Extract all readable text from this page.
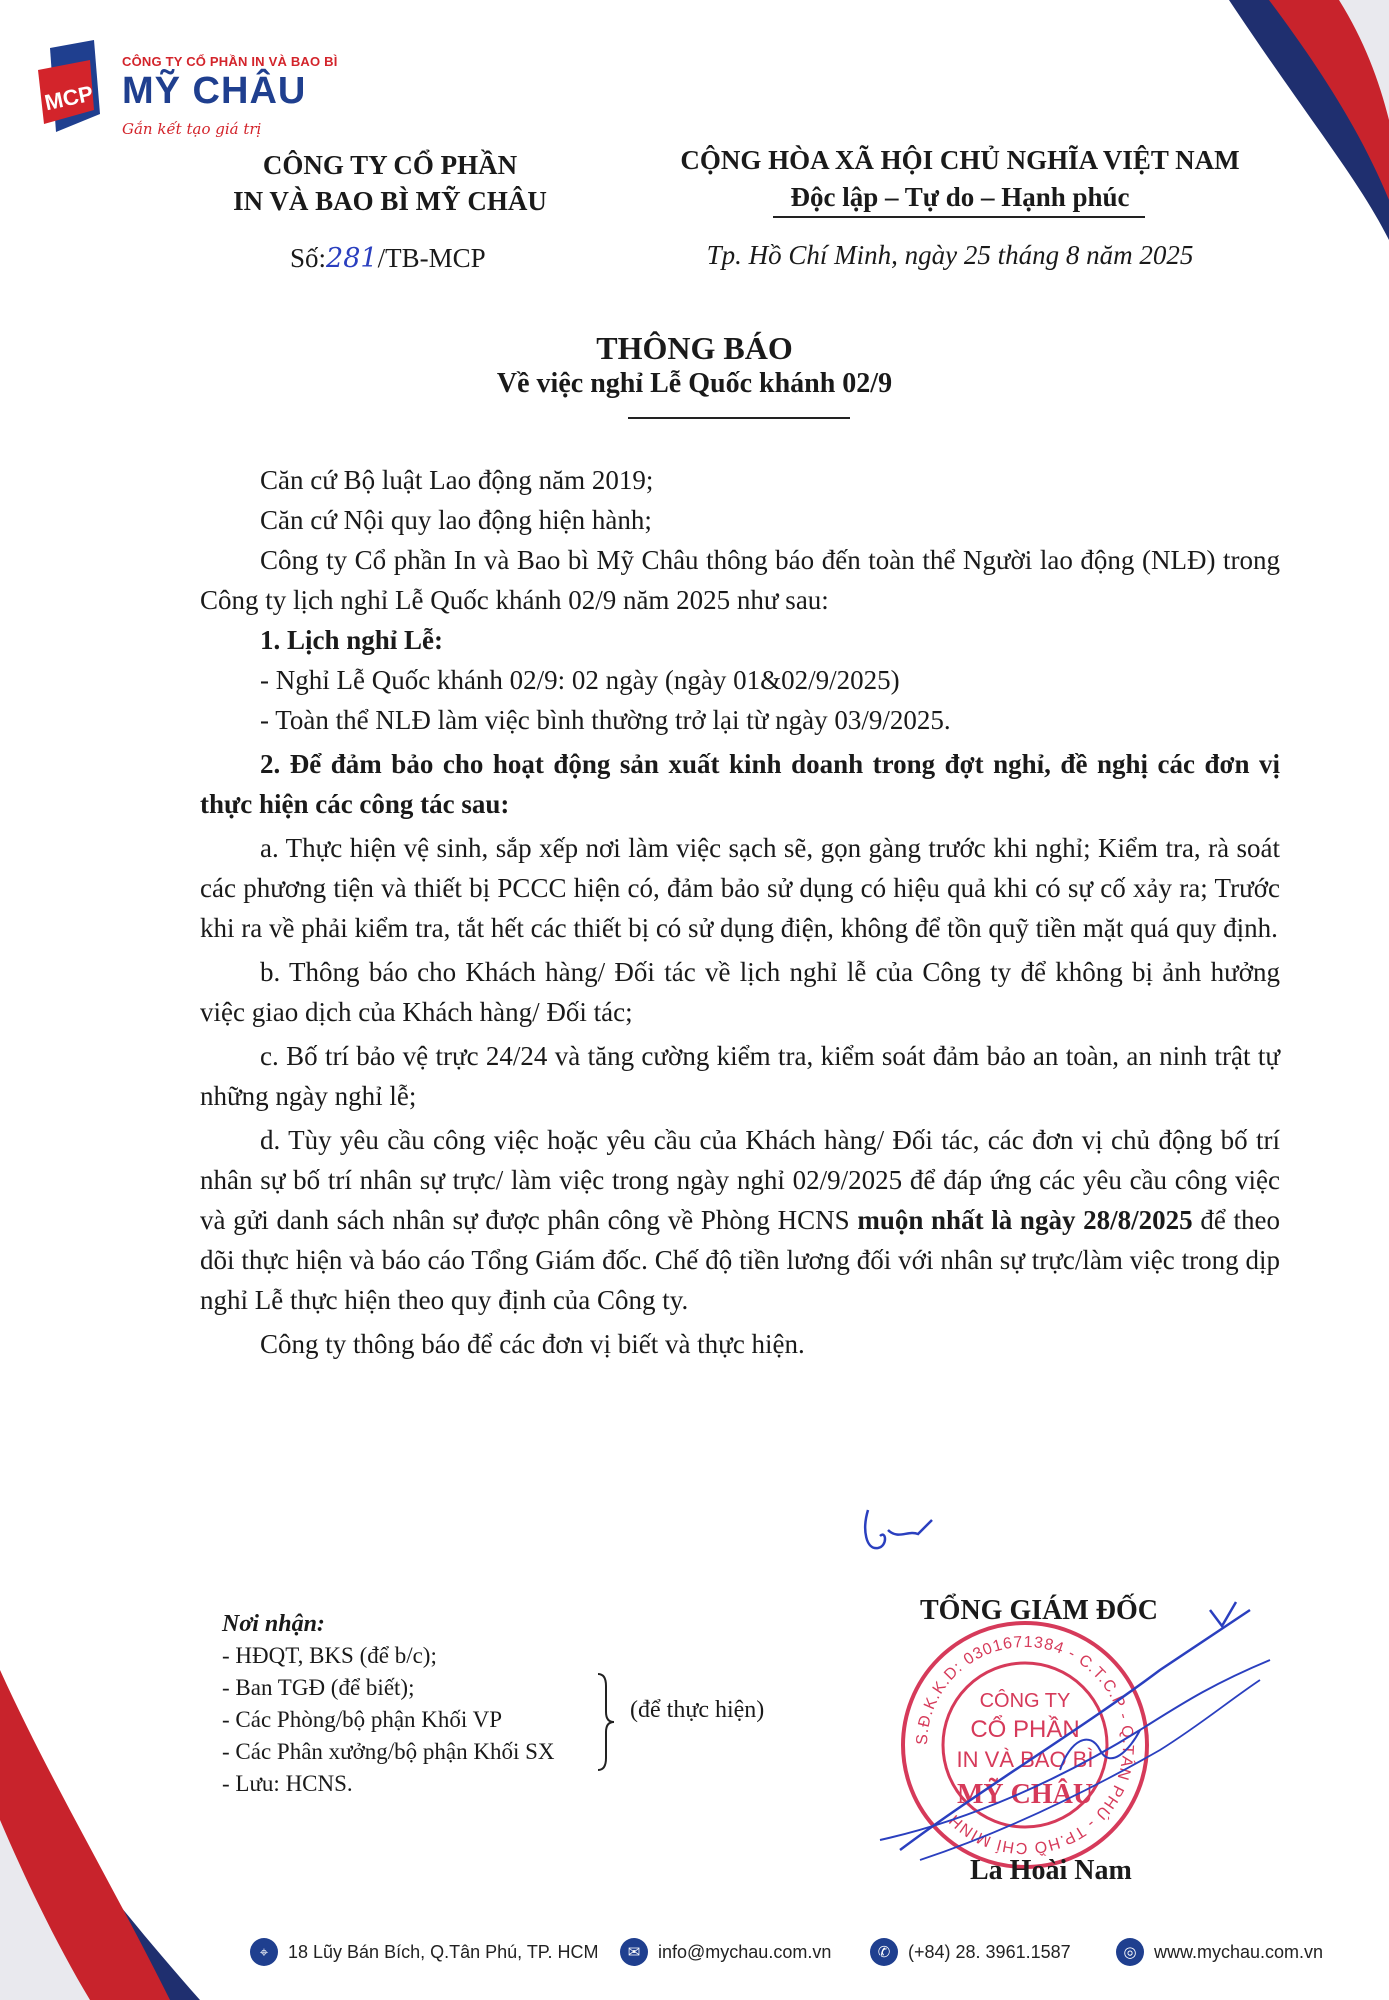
MCP
CÔNG TY CỔ PHẦN IN VÀ BAO BÌ
MỸ CHÂU
Gắn kết tạo giá trị
CÔNG TY CỔ PHẦN
IN VÀ BAO BÌ MỸ CHÂU
Số:281/TB-MCP
CỘNG HÒA XÃ HỘI CHỦ NGHĨA VIỆT NAM
Độc lập – Tự do – Hạnh phúc
Tp. Hồ Chí Minh, ngày 25 tháng 8 năm 2025
THÔNG BÁO
Về việc nghỉ Lễ Quốc khánh 02/9

Căn cứ Bộ luật Lao động năm 2019;

Căn cứ Nội quy lao động hiện hành;

Công ty Cổ phần In và Bao bì Mỹ Châu thông báo đến toàn thể Người lao động (NLĐ) trong Công ty lịch nghỉ Lễ Quốc khánh 02/9 năm 2025 như sau:

1. Lịch nghỉ Lễ:

- Nghỉ Lễ Quốc khánh 02/9: 02 ngày (ngày 01&02/9/2025)

- Toàn thể NLĐ làm việc bình thường trở lại từ ngày 03/9/2025.

2. Để đảm bảo cho hoạt động sản xuất kinh doanh trong đợt nghỉ, đề nghị các đơn vị thực hiện các công tác sau:

a. Thực hiện vệ sinh, sắp xếp nơi làm việc sạch sẽ, gọn gàng trước khi nghỉ; Kiểm tra, rà soát các phương tiện và thiết bị PCCC hiện có, đảm bảo sử dụng có hiệu quả khi có sự cố xảy ra; Trước khi ra về phải kiểm tra, tắt hết các thiết bị có sử dụng điện, không để tồn quỹ tiền mặt quá quy định.

b. Thông báo cho Khách hàng/ Đối tác về lịch nghỉ lễ của Công ty để không bị ảnh hưởng việc giao dịch của Khách hàng/ Đối tác;

c. Bố trí bảo vệ trực 24/24 và tăng cường kiểm tra, kiểm soát đảm bảo an toàn, an ninh trật tự những ngày nghỉ lễ;

d. Tùy yêu cầu công việc hoặc yêu cầu của Khách hàng/ Đối tác, các đơn vị chủ động bố trí nhân sự bố trí nhân sự trực/ làm việc trong ngày nghỉ 02/9/2025 để đáp ứng các yêu cầu công việc và gửi danh sách nhân sự được phân công về Phòng HCNS muộn nhất là ngày 28/8/2025 để theo dõi thực hiện và báo cáo Tổng Giám đốc. Chế độ tiền lương đối với nhân sự trực/làm việc trong dịp nghỉ Lễ thực hiện theo quy định của Công ty.

Công ty thông báo để các đơn vị biết và thực hiện.

Nơi nhận:
- HĐQT, BKS (để b/c);
- Ban TGĐ (để biết);
- Các Phòng/bộ phận Khối VP
- Các Phân xưởng/bộ phận Khối SX
- Lưu: HCNS.
(để thực hiện)
TỔNG GIÁM ĐỐC
S.Đ.K.K.D: 0301671384 - C.T.C.P - Q.TÂN PHÚ - TP.HỒ CHÍ MINH
CÔNG TY
CỔ PHẦN
IN VÀ BAO BÌ
MỸ CHÂU
La Hoài Nam
⌖	18 Lũy Bán Bích, Q.Tân Phú, TP. HCM	✉ info@mychau.com.vn	✆ (+84) 28. 3961.1587	◎ www.mychau.com.vn
